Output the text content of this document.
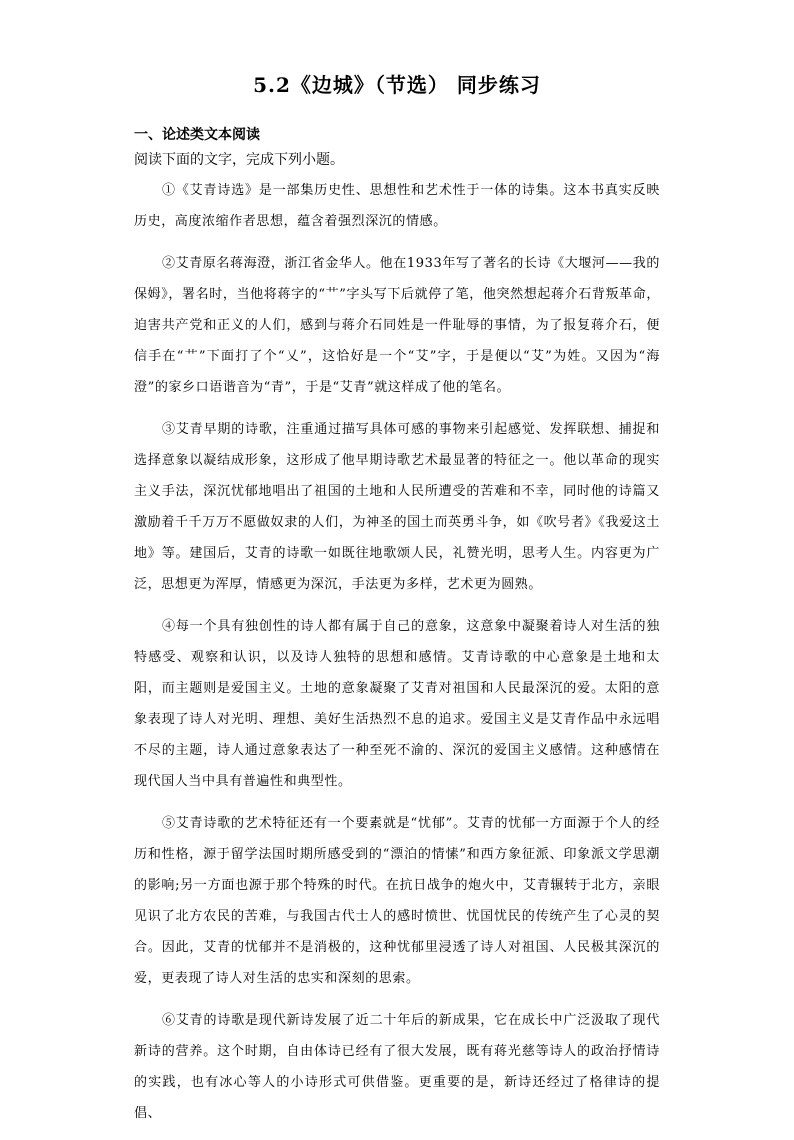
5.2《边城》（节选） 同步练习
一、论述类文本阅读

阅读下面的文字，完成下列小题。

①《艾青诗选》是一部集历史性、思想性和艺术性于一体的诗集。这本书真实反映历史，高度浓缩作者思想，蕴含着强烈深沉的情感。

②艾青原名蒋海澄，浙江省金华人。他在1933年写了著名的长诗《大堰河——我的保姆》，署名时，当他将蒋字的“艹”字头写下后就停了笔，他突然想起蒋介石背叛革命，迫害共产党和正义的人们，感到与蒋介石同姓是一件耻辱的事情，为了报复蒋介石，便信手在“艹”下面打了个“乂”，这恰好是一个“艾”字，于是便以“艾”为姓。又因为“海澄”的家乡口语谐音为“青”，于是“艾青”就这样成了他的笔名。

③艾青早期的诗歌，注重通过描写具体可感的事物来引起感觉、发挥联想、捕捉和选择意象以凝结成形象，这形成了他早期诗歌艺术最显著的特征之一。他以革命的现实主义手法，深沉忧郁地唱出了祖国的土地和人民所遭受的苦难和不幸，同时他的诗篇又激励着千千万万不愿做奴隶的人们，为神圣的国土而英勇斗争，如《吹号者》《我爱这土地》等。建国后，艾青的诗歌一如既往地歌颂人民，礼赞光明，思考人生。内容更为广泛，思想更为浑厚，情感更为深沉，手法更为多样，艺术更为圆熟。

④每一个具有独创性的诗人都有属于自己的意象，这意象中凝聚着诗人对生活的独特感受、观察和认识，以及诗人独特的思想和感情。艾青诗歌的中心意象是土地和太阳，而主题则是爱国主义。土地的意象凝聚了艾青对祖国和人民最深沉的爱。太阳的意象表现了诗人对光明、理想、美好生活热烈不息的追求。爱国主义是艾青作品中永远唱不尽的主题，诗人通过意象表达了一种至死不渝的、深沉的爱国主义感情。这种感情在现代国人当中具有普遍性和典型性。

⑤艾青诗歌的艺术特征还有一个要素就是“忧郁”。艾青的忧郁一方面源于个人的经历和性格，源于留学法国时期所感受到的“漂泊的情愫”和西方象征派、印象派文学思潮的影响;另一方面也源于那个特殊的时代。在抗日战争的炮火中，艾青辗转于北方，亲眼见识了北方农民的苦难，与我国古代士人的感时愤世、忧国忧民的传统产生了心灵的契合。因此，艾青的忧郁并不是消极的，这种忧郁里浸透了诗人对祖国、人民极其深沉的爱，更表现了诗人对生活的忠实和深刻的思索。

⑥艾青的诗歌是现代新诗发展了近二十年后的新成果，它在成长中广泛汲取了现代新诗的营养。这个时期，自由体诗已经有了很大发展，既有蒋光慈等诗人的政治抒情诗的实践，也有冰心等人的小诗形式可供借鉴。更重要的是，新诗还经过了格律诗的提倡、
